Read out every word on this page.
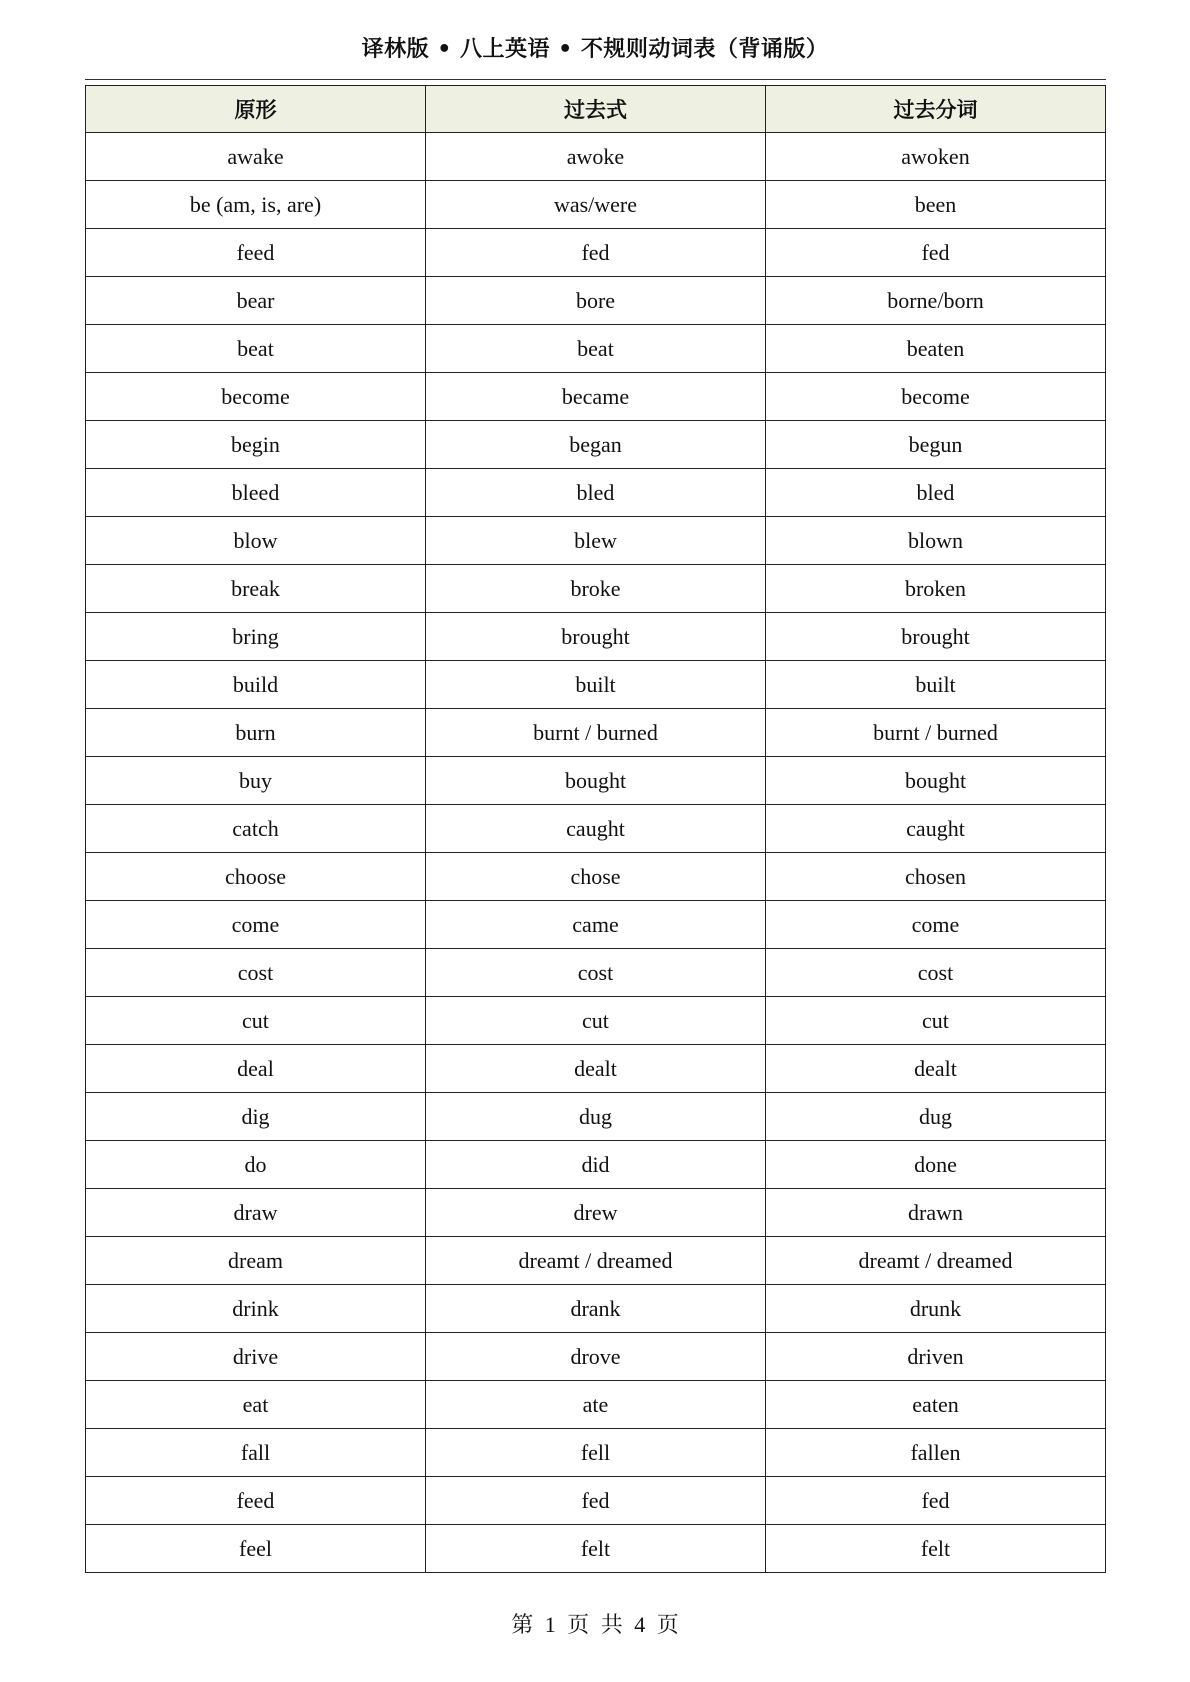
译林版 • 八上英语 • 不规则动词表（背诵版）
原形	过去式	过去分词
awake	awoke	awoken
be (am, is, are)	was/were	been
feed	fed	fed
bear	bore	borne/born
beat	beat	beaten
become	became	become
begin	began	begun
bleed	bled	bled
blow	blew	blown
break	broke	broken
bring	brought	brought
build	built	built
burn	burnt / burned	burnt / burned
buy	bought	bought
catch	caught	caught
choose	chose	chosen
come	came	come
cost	cost	cost
cut	cut	cut
deal	dealt	dealt
dig	dug	dug
do	did	done
draw	drew	drawn
dream	dreamt / dreamed	dreamt / dreamed
drink	drank	drunk
drive	drove	driven
eat	ate	eaten
fall	fell	fallen
feed	fed	fed
feel	felt	felt
第 1 页 共 4 页
